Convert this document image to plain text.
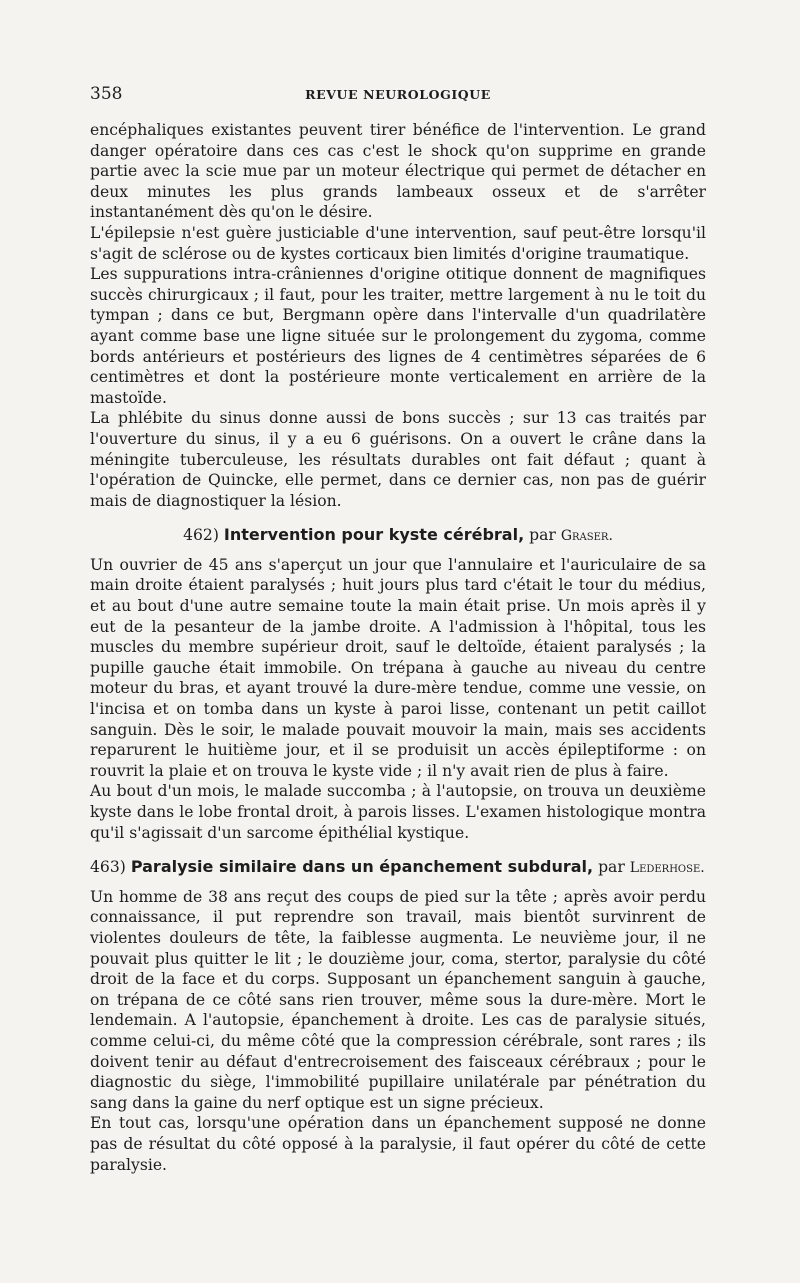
358	REVUE NEUROLOGIQUE

encéphaliques existantes peuvent tirer bénéfice de l'intervention. Le grand danger opératoire dans ces cas c'est le shock qu'on supprime en grande partie avec la scie mue par un moteur électrique qui permet de détacher en deux minutes les plus grands lambeaux osseux et de s'arrêter instantanément dès qu'on le désire.

L'épilepsie n'est guère justiciable d'une intervention, sauf peut-être lorsqu'il s'agit de sclérose ou de kystes corticaux bien limités d'origine traumatique.

Les suppurations intra-crâniennes d'origine otitique donnent de magnifiques succès chirurgicaux ; il faut, pour les traiter, mettre largement à nu le toit du tympan ; dans ce but, Bergmann opère dans l'intervalle d'un quadrilatère ayant comme base une ligne située sur le prolongement du zygoma, comme bords antérieurs et postérieurs des lignes de 4 centimètres séparées de 6 centimètres et dont la postérieure monte verticalement en arrière de la mastoïde.

La phlébite du sinus donne aussi de bons succès ; sur 13 cas traités par l'ouverture du sinus, il y a eu 6 guérisons. On a ouvert le crâne dans la méningite tuberculeuse, les résultats durables ont fait défaut ; quant à l'opération de Quincke, elle permet, dans ce dernier cas, non pas de guérir mais de diagnostiquer la lésion.

462) Intervention pour kyste cérébral, par Graser.

Un ouvrier de 45 ans s'aperçut un jour que l'annulaire et l'auriculaire de sa main droite étaient paralysés ; huit jours plus tard c'était le tour du médius, et au bout d'une autre semaine toute la main était prise. Un mois après il y eut de la pesanteur de la jambe droite. A l'admission à l'hôpital, tous les muscles du membre supérieur droit, sauf le deltoïde, étaient paralysés ; la pupille gauche était immobile. On trépana à gauche au niveau du centre moteur du bras, et ayant trouvé la dure-mère tendue, comme une vessie, on l'incisa et on tomba dans un kyste à paroi lisse, contenant un petit caillot sanguin. Dès le soir, le malade pouvait mouvoir la main, mais ses accidents reparurent le huitième jour, et il se produisit un accès épileptiforme : on rouvrit la plaie et on trouva le kyste vide ; il n'y avait rien de plus à faire.

Au bout d'un mois, le malade succomba ; à l'autopsie, on trouva un deuxième kyste dans le lobe frontal droit, à parois lisses. L'examen histologique montra qu'il s'agissait d'un sarcome épithélial kystique.

463) Paralysie similaire dans un épanchement subdural, par Lederhose.

Un homme de 38 ans reçut des coups de pied sur la tête ; après avoir perdu connaissance, il put reprendre son travail, mais bientôt survinrent de violentes douleurs de tête, la faiblesse augmenta. Le neuvième jour, il ne pouvait plus quitter le lit ; le douzième jour, coma, stertor, paralysie du côté droit de la face et du corps. Supposant un épanchement sanguin à gauche, on trépana de ce côté sans rien trouver, même sous la dure-mère. Mort le lendemain. A l'autopsie, épanchement à droite. Les cas de paralysie situés, comme celui-ci, du même côté que la compression cérébrale, sont rares ; ils doivent tenir au défaut d'entrecroisement des faisceaux cérébraux ; pour le diagnostic du siège, l'immobilité pupillaire unilatérale par pénétration du sang dans la gaine du nerf optique est un signe précieux.

En tout cas, lorsqu'une opération dans un épanchement supposé ne donne pas de résultat du côté opposé à la paralysie, il faut opérer du côté de cette paralysie.
